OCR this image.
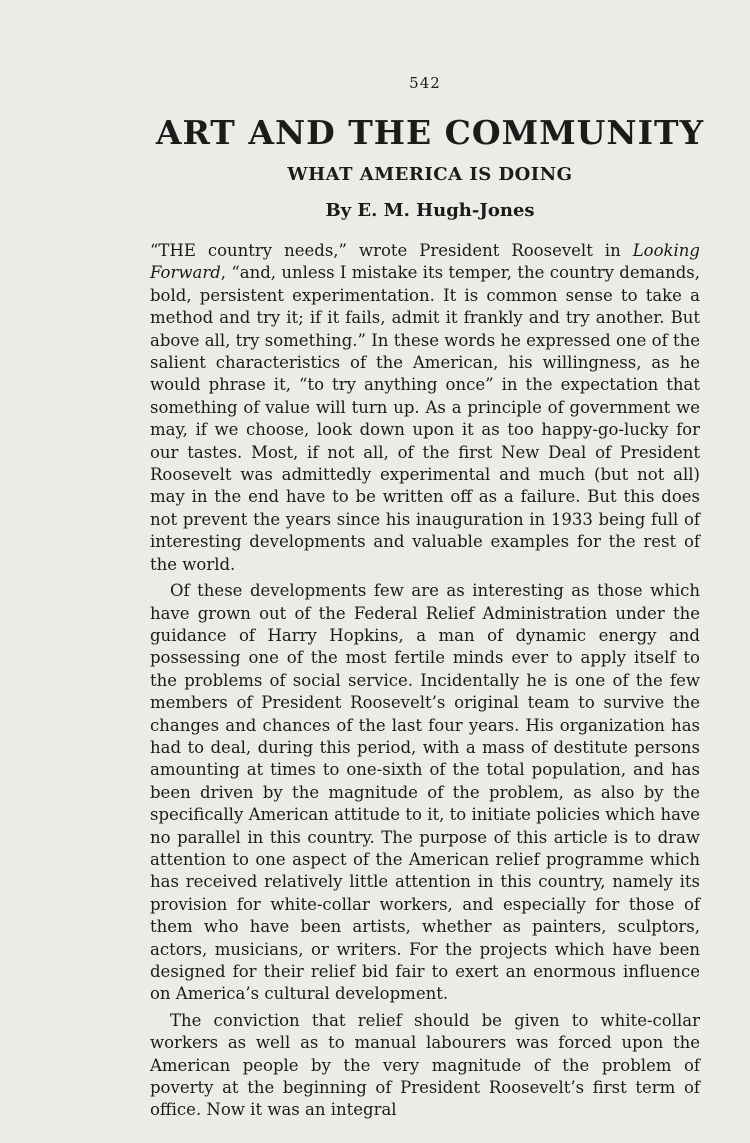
542
ART AND THE COMMUNITY
WHAT AMERICA IS DOING
By E. M. Hugh-Jones

“THE country needs,” wrote President Roosevelt in Looking Forward, “and, unless I mistake its temper, the country demands, bold, persistent experimentation. It is common sense to take a method and try it; if it fails, admit it frankly and try another. But above all, try something.” In these words he expressed one of the salient characteristics of the American, his willingness, as he would phrase it, “to try anything once” in the expectation that something of value will turn up. As a principle of government we may, if we choose, look down upon it as too happy-go-lucky for our tastes. Most, if not all, of the first New Deal of President Roosevelt was admittedly experimental and much (but not all) may in the end have to be written off as a failure. But this does not prevent the years since his inauguration in 1933 being full of interesting developments and valuable examples for the rest of the world.

Of these developments few are as interesting as those which have grown out of the Federal Relief Administration under the guidance of Harry Hopkins, a man of dynamic energy and possessing one of the most fertile minds ever to apply itself to the problems of social service. Incidentally he is one of the few members of President Roosevelt’s original team to survive the changes and chances of the last four years. His organization has had to deal, during this period, with a mass of destitute persons amounting at times to one-sixth of the total population, and has been driven by the magnitude of the problem, as also by the specifically American attitude to it, to initiate policies which have no parallel in this country. The purpose of this article is to draw attention to one aspect of the American relief programme which has received relatively little attention in this country, namely its provision for white-collar workers, and especially for those of them who have been artists, whether as painters, sculptors, actors, musicians, or writers. For the projects which have been designed for their relief bid fair to exert an enormous influence on America’s cultural development.

The conviction that relief should be given to white-collar workers as well as to manual labourers was forced upon the American people by the very magnitude of the problem of poverty at the beginning of President Roosevelt’s first term of office. Now it was an integral
